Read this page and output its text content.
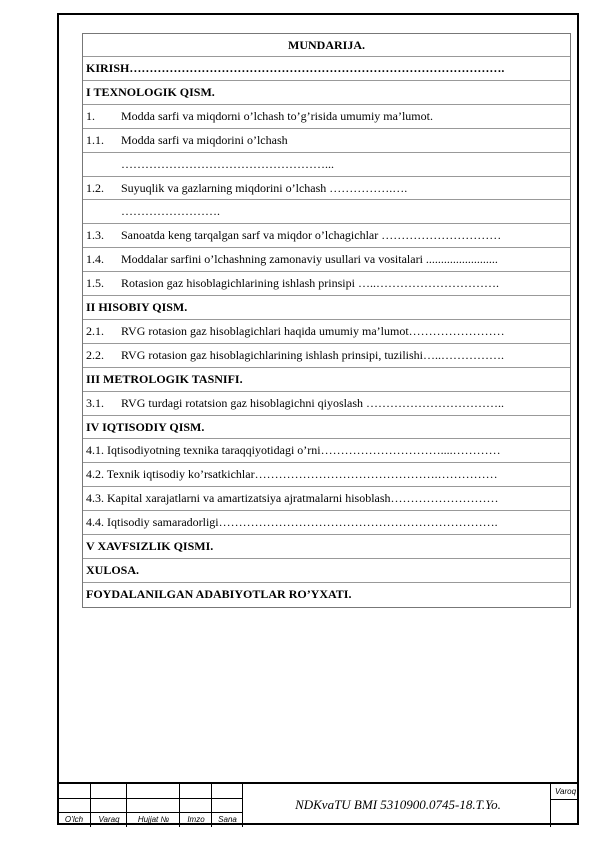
MUNDARIJA.
KIRISH………………………………………………………………………………….
I TEXNOLOGIK QISM.
1. Modda sarfi va miqdorni o’lchash to’g’risida umumiy ma’lumot.
1.1. Modda sarfi va miqdorini o’lchash
……………………………………………...
1.2. Suyuqlik va gazlarning miqdorini o’lchash …………….….
…………………….
1.3. Sanoatda keng tarqalgan sarf va miqdor o’lchagichlar …………………………
1.4. Moddalar sarfini o’lchashning zamonaviy usullari va vositalari ........................
1.5. Rotasion gaz hisoblagichlarining ishlash prinsipi …..………………………….
II HISOBIY QISM.
2.1. RVG rotasion gaz hisoblagichlari haqida umumiy ma’lumot……………………
2.2. RVG rotasion gaz hisoblagichlarining ishlash prinsipi, tuzilishi…..…………….
III METROLOGIK TASNIFI.
3.1. RVG turdagi rotatsion gaz hisoblagichni qiyoslash ……………………………..
IV IQTISODIY QISM.
4.1. Iqtisodiyotning texnika taraqqiyotidagi o’rni…………………………....…………
4.2. Texnik iqtisodiy ko’rsatkichlar……………………………………….……………
4.3. Kapital xarajatlarni va amartizatsiya ajratmalarni hisoblash………………………
4.4. Iqtisodiy samaradorligi…………………………………………………………….
V XAVFSIZLIK QISMI.
XULOSA.
FOYDALANILGAN ADABIYOTLAR RO’YXATI.
NDKvaTU BMI 5310900.0745-18.T.Yo.
Varoq
O’lch	Varaq	Hujjat №	Imzo	Sana
